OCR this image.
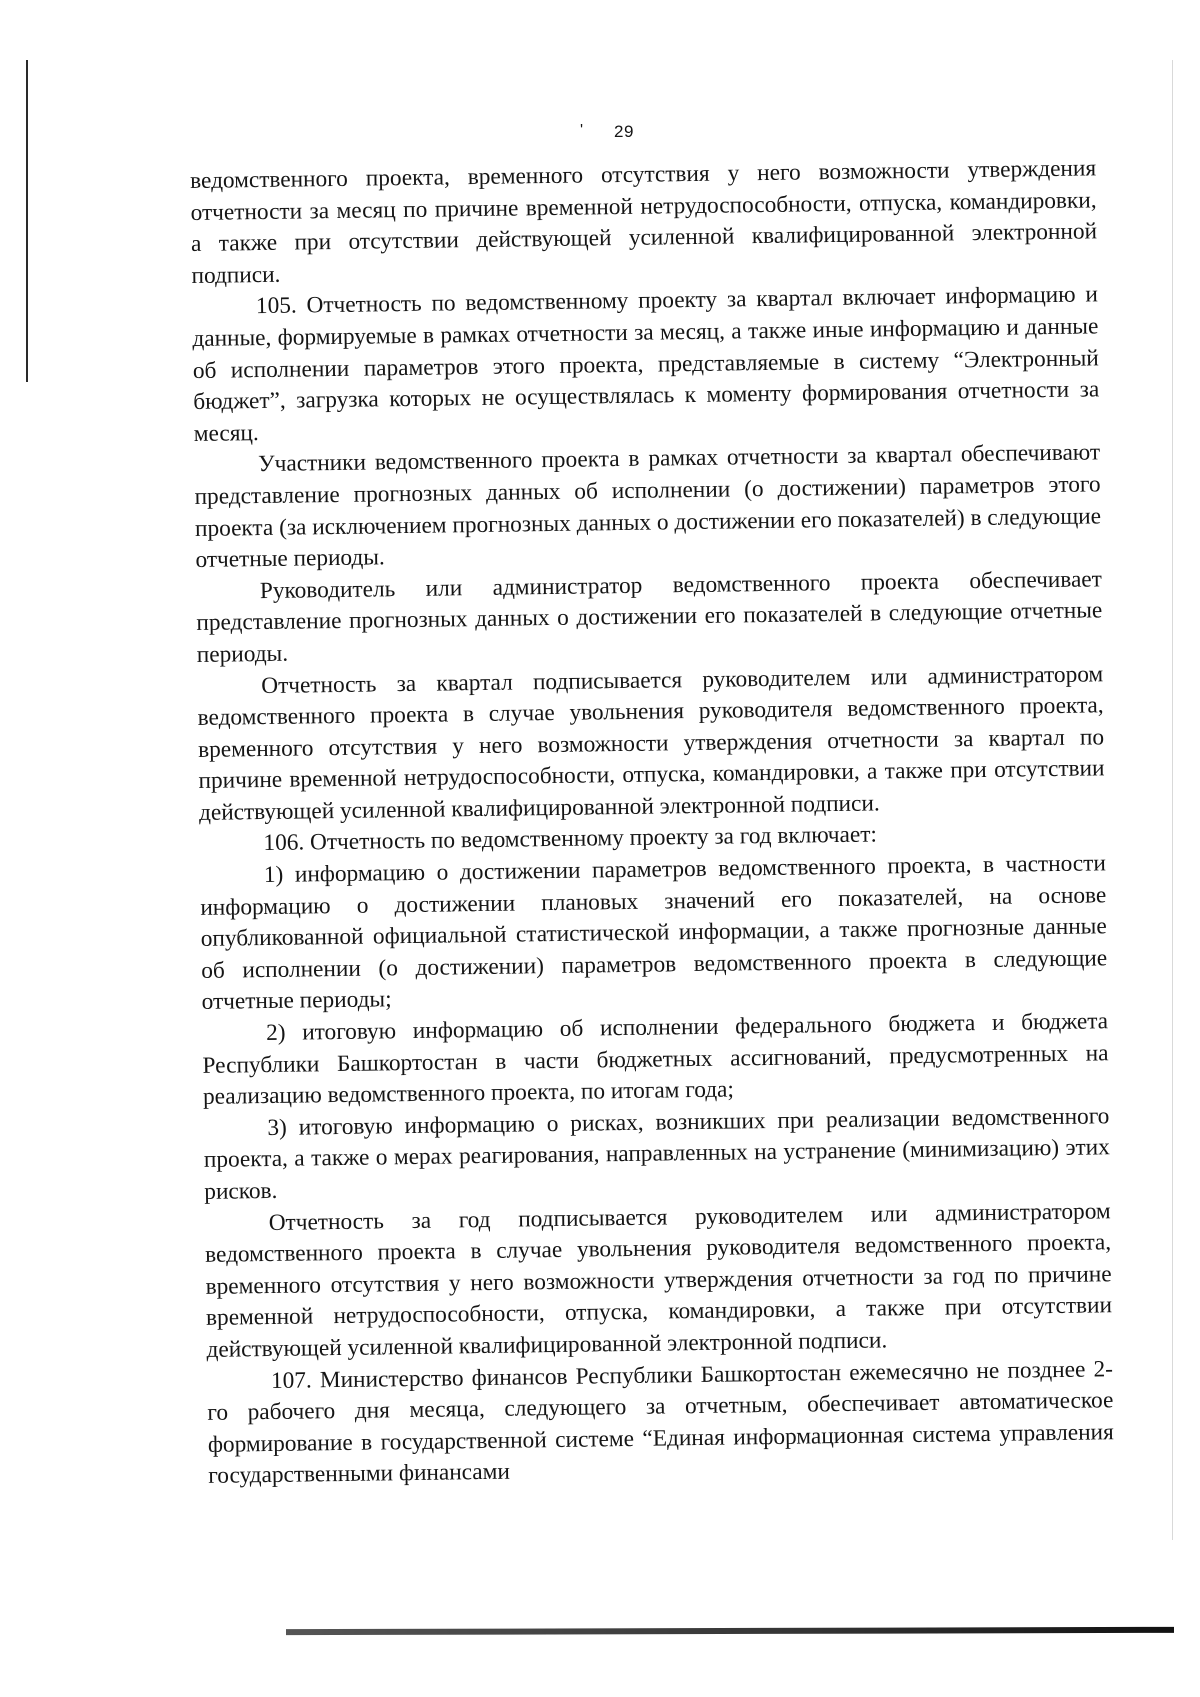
' 29

ведомственного проекта, временного отсутствия у него возможности утверждения отчетности за месяц по причине временной нетрудоспособности, отпуска, командировки, а также при отсутствии действующей усиленной квалифицированной электронной подписи.

105. Отчетность по ведомственному проекту за квартал включает информацию и данные, формируемые в рамках отчетности за месяц, а также иные информацию и данные об исполнении параметров этого проекта, представляемые в систему “Электронный бюджет”, загрузка которых не осуществлялась к моменту формирования отчетности за месяц.

Участники ведомственного проекта в рамках отчетности за квартал обеспечивают представление прогнозных данных об исполнении (о достижении) параметров этого проекта (за исключением прогнозных данных о достижении его показателей) в следующие отчетные периоды.

Руководитель или администратор ведомственного проекта обеспечивает представление прогнозных данных о достижении его показателей в следующие отчетные периоды.

Отчетность за квартал подписывается руководителем или администратором ведомственного проекта в случае увольнения руководителя ведомственного проекта, временного отсутствия у него возможности утверждения отчетности за квартал по причине временной нетрудоспособности, отпуска, командировки, а также при отсутствии действующей усиленной квалифицированной электронной подписи.

106. Отчетность по ведомственному проекту за год включает:

1) информацию о достижении параметров ведомственного проекта, в частности информацию о достижении плановых значений его показателей, на основе опубликованной официальной статистической информации, а также прогнозные данные об исполнении (о достижении) параметров ведомственного проекта в следующие отчетные периоды;

2) итоговую информацию об исполнении федерального бюджета и бюджета Республики Башкортостан в части бюджетных ассигнований, предусмотренных на реализацию ведомственного проекта, по итогам года;

3) итоговую информацию о рисках, возникших при реализации ведомственного проекта, а также о мерах реагирования, направленных на устранение (минимизацию) этих рисков.

Отчетность за год подписывается руководителем или администратором ведомственного проекта в случае увольнения руководителя ведомственного проекта, временного отсутствия у него возможности утверждения отчетности за год по причине временной нетрудоспособности, отпуска, командировки, а также при отсутствии действующей усиленной квалифицированной электронной подписи.

107. Министерство финансов Республики Башкортостан ежемесячно не позднее 2-го рабочего дня месяца, следующего за отчетным, обеспечивает автоматическое формирование в государственной системе “Единая информационная система управления государственными финансами
